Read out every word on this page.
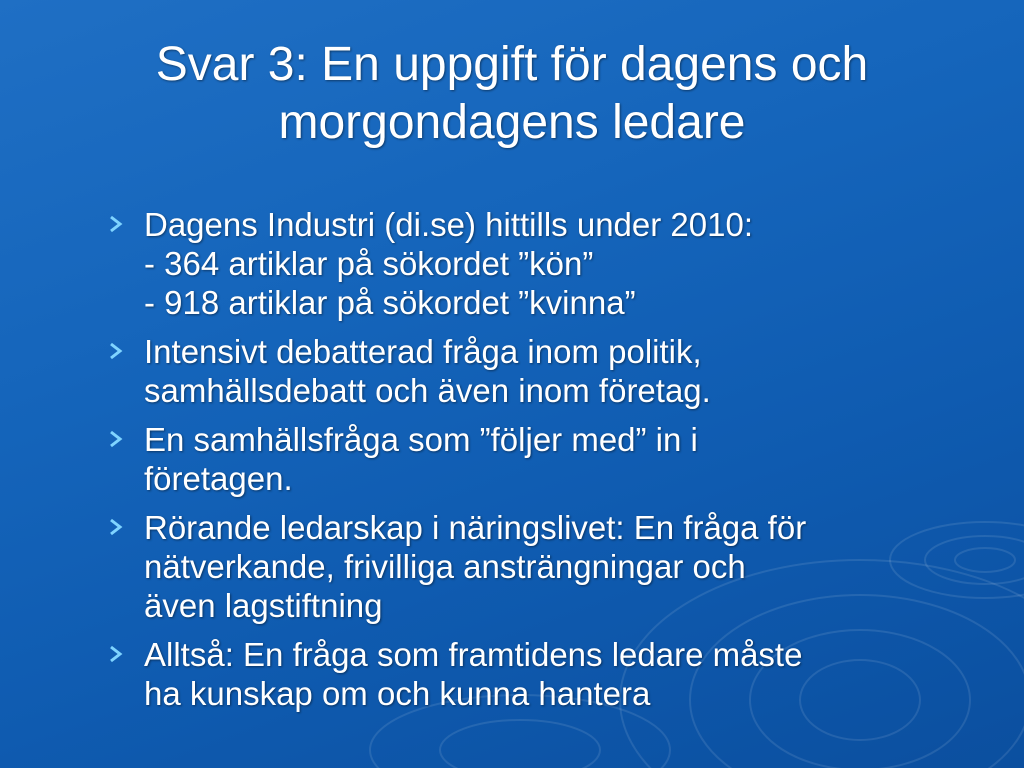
Svar 3: En uppgift för dagens och
morgondagens ledare
Dagens Industri (di.se) hittills under 2010:
- 364 artiklar på sökordet ”kön”
- 918 artiklar på sökordet ”kvinna”
Intensivt debatterad fråga inom politik,
samhällsdebatt och även inom företag.
En samhällsfråga som ”följer med” in i
företagen.
Rörande ledarskap i näringslivet: En fråga för
nätverkande, frivilliga ansträngningar och
även lagstiftning
Alltså: En fråga som framtidens ledare måste
ha kunskap om och kunna hantera
